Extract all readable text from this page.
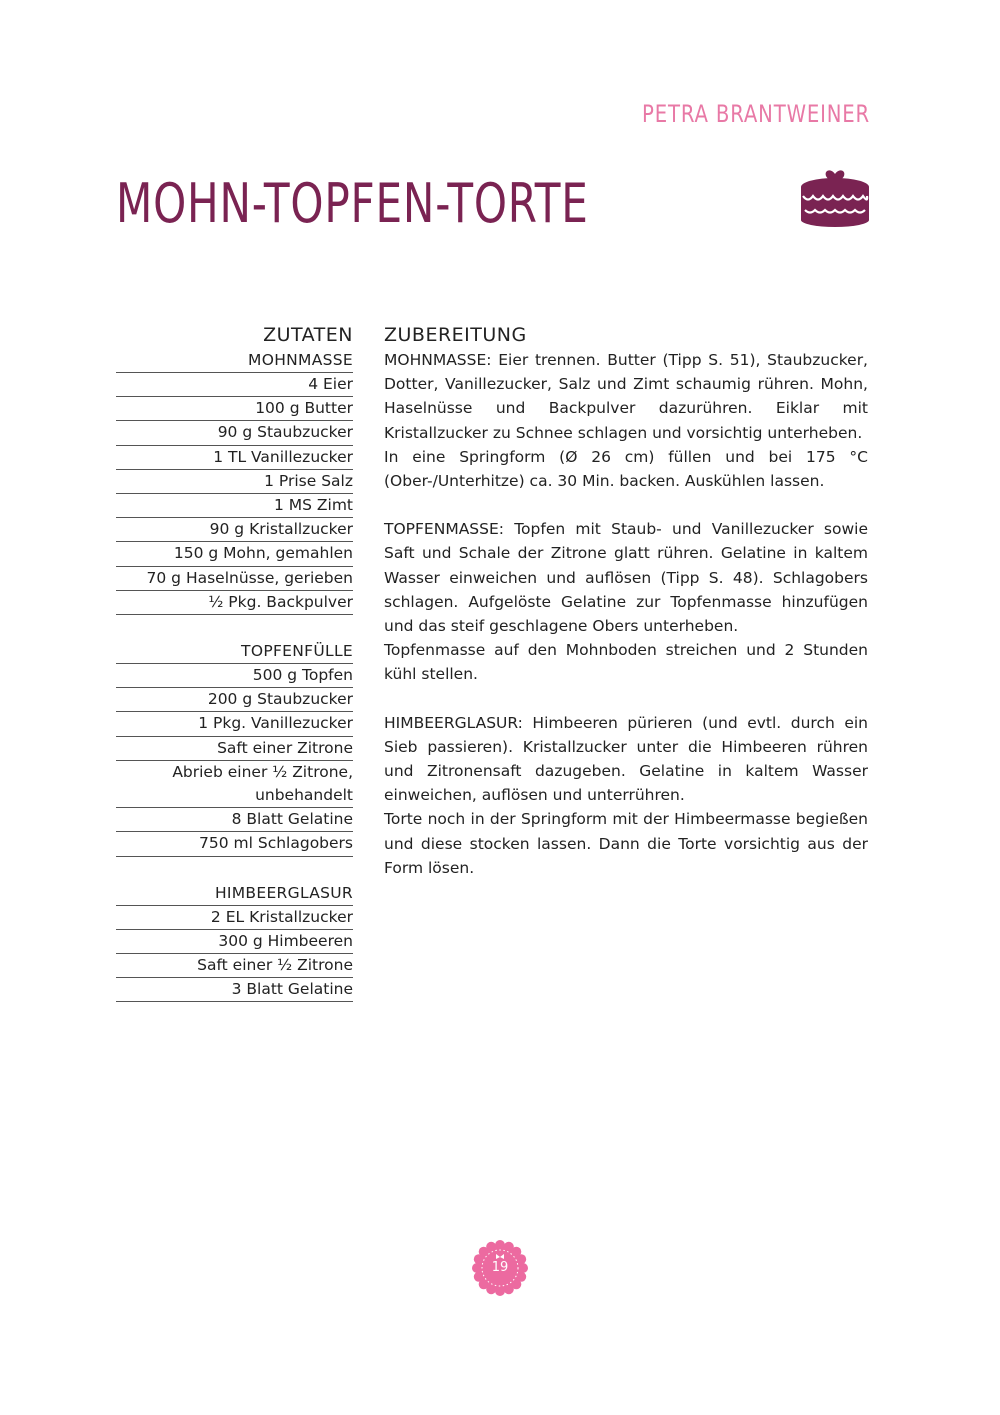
PETRA BRANTWEINER
MOHN-TOPFEN-TORTE
ZUTATEN
MOHNMASSE
4 Eier
100 g Butter
90 g Staubzucker
1 TL Vanillezucker
1 Prise Salz
1 MS Zimt
90 g Kristallzucker
150 g Mohn, gemahlen
70 g Haselnüsse, gerieben
½ Pkg. Backpulver
TOPFENFÜLLE
500 g Topfen
200 g Staubzucker
1 Pkg. Vanillezucker
Saft einer Zitrone
Abrieb einer ½ Zitrone,
unbehandelt
8 Blatt Gelatine
750 ml Schlagobers
HIMBEERGLASUR
2 EL Kristallzucker
300 g Himbeeren
Saft einer ½ Zitrone
3 Blatt Gelatine
ZUBEREITUNG

MOHNMASSE: Eier trennen. Butter (Tipp S. 51), Staubzucker, Dotter, Vanillezucker, Salz und Zimt schaumig rühren. Mohn, Haselnüsse und Backpulver dazurühren. Eiklar mit Kristallzucker zu Schnee schlagen und vorsichtig unterheben.

In eine Springform (Ø 26 cm) füllen und bei 175 °C (Ober-/Unterhitze) ca. 30 Min. backen. Auskühlen lassen.

TOPFENMASSE: Topfen mit Staub- und Vanillezucker sowie Saft und Schale der Zitrone glatt rühren. Gelatine in kaltem Wasser einweichen und auflösen (Tipp S. 48). Schlagobers schlagen. Aufgelöste Gelatine zur Topfenmasse hinzufügen und das steif geschlagene Obers unterheben.

Topfenmasse auf den Mohnboden streichen und 2 Stunden kühl stellen.

HIMBEERGLASUR: Himbeeren pürieren (und evtl. durch ein Sieb passieren). Kristallzucker unter die Himbeeren rühren und Zitronensaft dazugeben. Gelatine in kaltem Wasser einweichen, auflösen und unterrühren.

Torte noch in der Springform mit der Himbeermasse begießen und diese stocken lassen. Dann die Torte vorsichtig aus der Form lösen.

19
